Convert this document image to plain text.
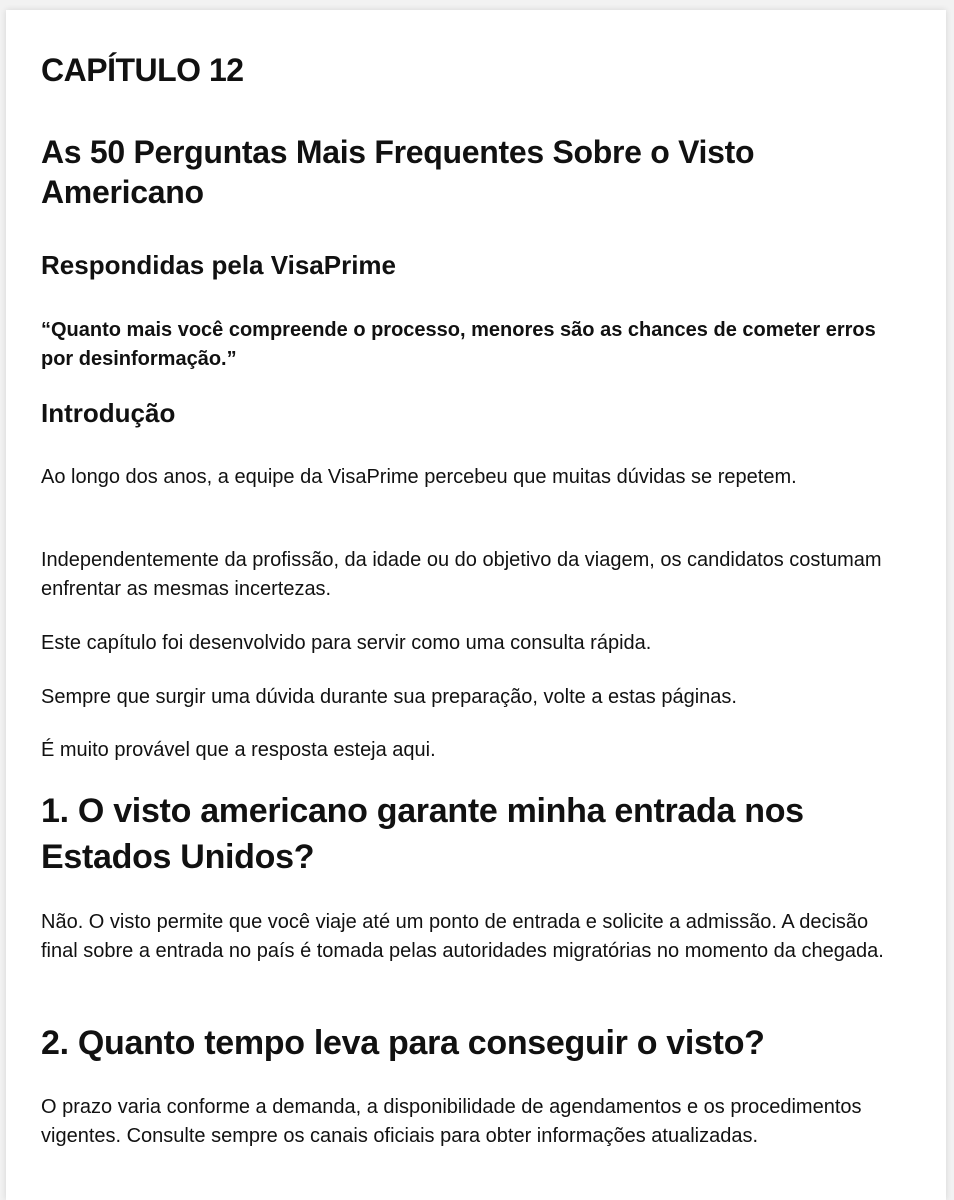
CAPÍTULO 12
As 50 Perguntas Mais Frequentes Sobre o Visto Americano
Respondidas pela VisaPrime

“Quanto mais você compreende o processo, menores são as chances de cometer erros por desinformação.”

Introdução

Ao longo dos anos, a equipe da VisaPrime percebeu que muitas dúvidas se repetem.

Independentemente da profissão, da idade ou do objetivo da viagem, os candidatos costumam enfrentar as mesmas incertezas.

Este capítulo foi desenvolvido para servir como uma consulta rápida.

Sempre que surgir uma dúvida durante sua preparação, volte a estas páginas.

É muito provável que a resposta esteja aqui.

1. O visto americano garante minha entrada nos Estados Unidos?

Não. O visto permite que você viaje até um ponto de entrada e solicite a admissão. A decisão final sobre a entrada no país é tomada pelas autoridades migratórias no momento da chegada.

2. Quanto tempo leva para conseguir o visto?

O prazo varia conforme a demanda, a disponibilidade de agendamentos e os procedimentos vigentes. Consulte sempre os canais oficiais para obter informações atualizadas.
